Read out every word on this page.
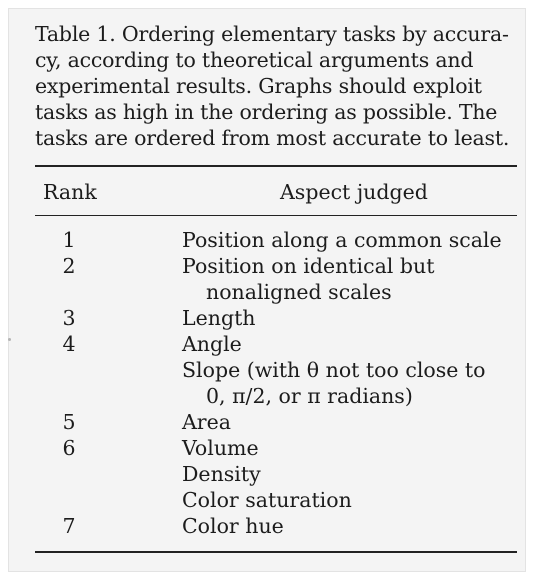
Table 1. Ordering elementary tasks by accura-
cy, according to theoretical arguments and
experimental results. Graphs should exploit
tasks as high in the ordering as possible. The
tasks are ordered from most accurate to least.
Rank	Aspect judged
1	Position along a common scale
2	Position on identical but
nonaligned scales
3	Length
4	Angle
Slope (with θ not too close to
0, π/2, or π radians)
5	Area
6	Volume
Density
Color saturation
7	Color hue
